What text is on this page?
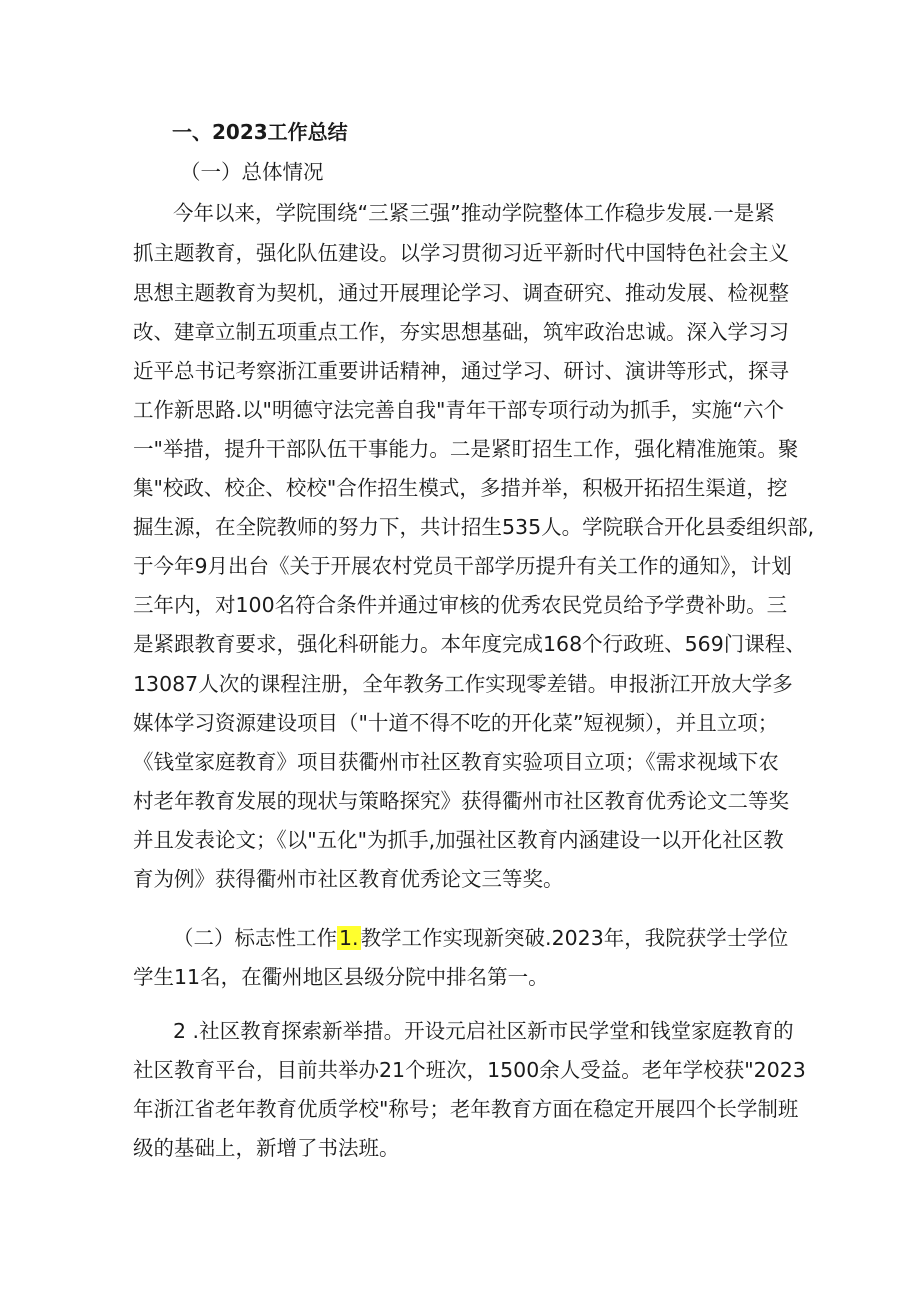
一、2023工作总结
（一）总体情况
今年以来，学院围绕“三紧三强”推动学院整体工作稳步发展.一是紧
抓主题教育，强化队伍建设。以学习贯彻习近平新时代中国特色社会主义
思想主题教育为契机，通过开展理论学习、调查研究、推动发展、检视整
改、建章立制五项重点工作，夯实思想基础，筑牢政治忠诚。深入学习习
近平总书记考察浙江重要讲话精神，通过学习、研讨、演讲等形式，探寻
工作新思路.以"明德守法完善自我"青年干部专项行动为抓手，实施“六个
一"举措，提升干部队伍干事能力。二是紧盯招生工作，强化精准施策。聚
集"校政、校企、校校"合作招生模式，多措并举，积极开拓招生渠道，挖
掘生源，在全院教师的努力下，共计招生535人。学院联合开化县委组织部,
于今年9月出台《关于开展农村党员干部学历提升有关工作的通知》，计划
三年内，对100名符合条件并通过审核的优秀农民党员给予学费补助。三
是紧跟教育要求，强化科研能力。本年度完成168个行政班、569门课程、
13087人次的课程注册，全年教务工作实现零差错。申报浙江开放大学多
媒体学习资源建设项目（"十道不得不吃的开化菜”短视频），并且立项；
《钱堂家庭教育》项目获衢州市社区教育实验项目立项；《需求视域下农
村老年教育发展的现状与策略探究》获得衢州市社区教育优秀论文二等奖
并且发表论文；《以"五化"为抓手,加强社区教育内涵建设一以开化社区教
育为例》获得衢州市社区教育优秀论文三等奖。
（二）标志性工作1.教学工作实现新突破.2023年，我院获学士学位
学生11名，在衢州地区县级分院中排名第一。
2 .社区教育探索新举措。开设元启社区新市民学堂和钱堂家庭教育的
社区教育平台，目前共举办21个班次，1500余人受益。老年学校获"2023
年浙江省老年教育优质学校"称号；老年教育方面在稳定开展四个长学制班
级的基础上，新增了书法班。
